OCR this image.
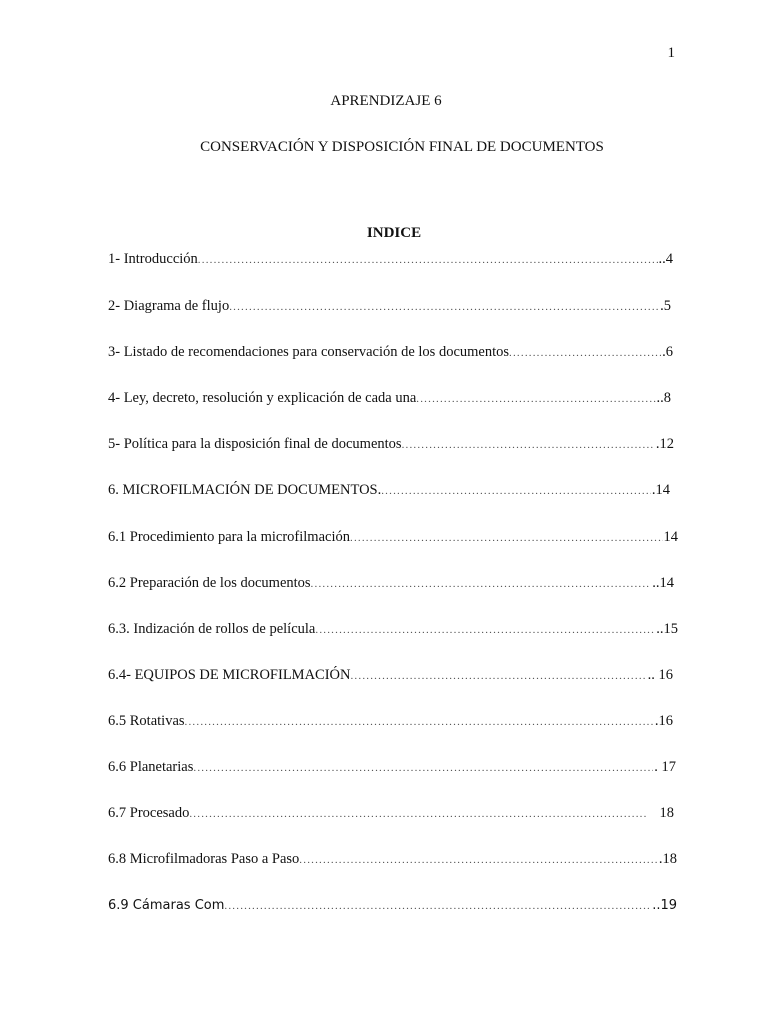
1
APRENDIZAJE 6
CONSERVACIÓN Y DISPOSICIÓN FINAL DE DOCUMENTOS
INDICE
1- Introducción .....	..4
2- Diagrama de flujo .....	.5
3- Listado de recomendaciones para conservación de los documentos .....	.6
4- Ley, decreto, resolución y explicación de cada una .....	..8
5- Política para la disposición final de documentos .....	.12
6. MICROFILMACIÓN DE DOCUMENTOS. .....	.14
6.1 Procedimiento para la microfilmación .....	14
6.2 Preparación de los documentos .....	..14
6.3. Indización de rollos de película .....	..15
6.4- EQUIPOS DE MICROFILMACIÓN .....	.. 16
6.5 Rotativas .....	.16
6.6 Planetarias .....	. 17
6.7 Procesado .....	18
6.8 Microfilmadoras Paso a Paso .....	.18
6.9 Cámaras Com .....	..19
